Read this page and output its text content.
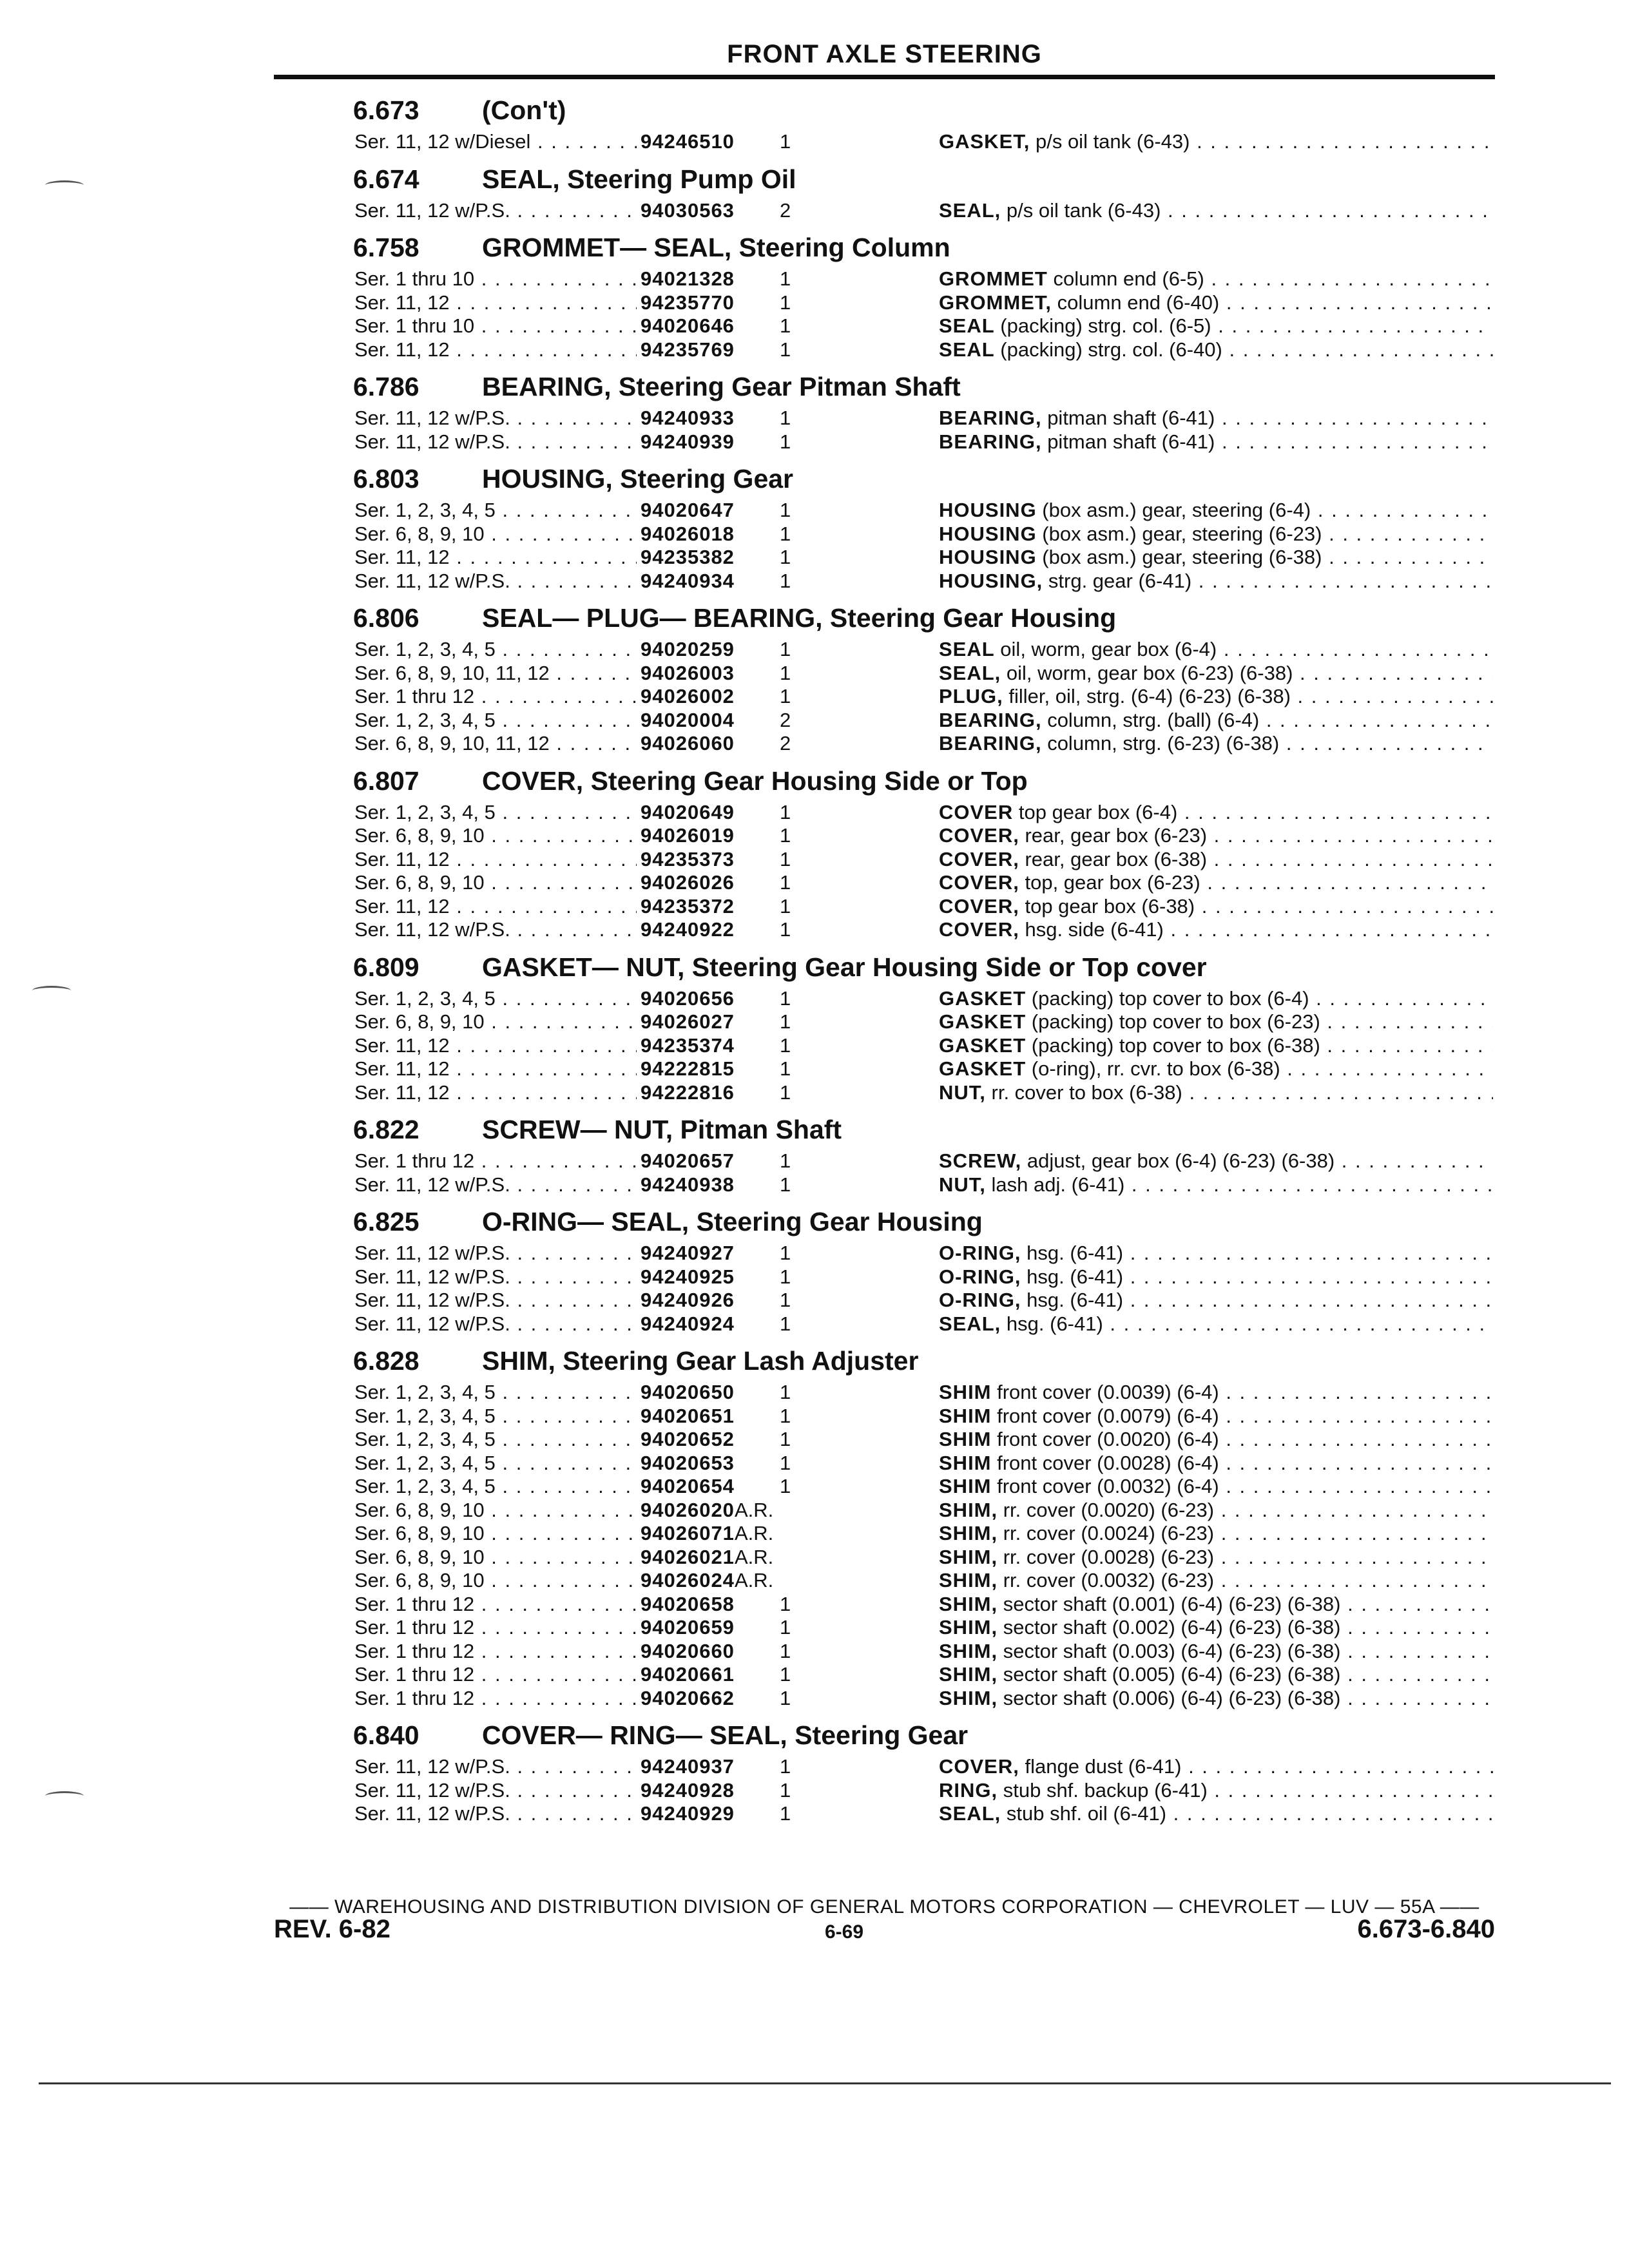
FRONT AXLE STEERING
6.673	(Con't)
Ser. 11, 12 w/Diesel . . .	94246510 1	GASKET, p/s oil tank (6-43) . . .
6.674	SEAL, Steering Pump Oil
Ser. 11, 12 w/P.S. . . .	94030563 2	SEAL, p/s oil tank (6-43) . . .
6.758	GROMMET— SEAL, Steering Column
Ser. 1 thru 10 . . .	94021328 1	GROMMET column end (6-5) . . .
Ser. 11, 12 . . .	94235770 1	GROMMET, column end (6-40) . . .
Ser. 1 thru 10 . . .	94020646 1	SEAL (packing) strg. col. (6-5) . . .
Ser. 11, 12 . . .	94235769 1	SEAL (packing) strg. col. (6-40) . . .
6.786	BEARING, Steering Gear Pitman Shaft
Ser. 11, 12 w/P.S. . . .	94240933 1	BEARING, pitman shaft (6-41) . . .
Ser. 11, 12 w/P.S. . . .	94240939 1	BEARING, pitman shaft (6-41) . . .
6.803	HOUSING, Steering Gear
Ser. 1, 2, 3, 4, 5 . . .	94020647 1	HOUSING (box asm.) gear, steering (6-4) . . .
Ser. 6, 8, 9, 10 . . .	94026018 1	HOUSING (box asm.) gear, steering (6-23) . . .
Ser. 11, 12 . . .	94235382 1	HOUSING (box asm.) gear, steering (6-38) . . .
Ser. 11, 12 w/P.S. . . .	94240934 1	HOUSING, strg. gear (6-41) . . .
6.806	SEAL— PLUG— BEARING, Steering Gear Housing
Ser. 1, 2, 3, 4, 5 . . .	94020259 1	SEAL oil, worm, gear box (6-4) . . .
Ser. 6, 8, 9, 10, 11, 12 . . .	94026003 1	SEAL, oil, worm, gear box (6-23) (6-38) . . .
Ser. 1 thru 12 . . .	94026002 1	PLUG, filler, oil, strg. (6-4) (6-23) (6-38) . . .
Ser. 1, 2, 3, 4, 5 . . .	94020004 2	BEARING, column, strg. (ball) (6-4) . . .
Ser. 6, 8, 9, 10, 11, 12 . . .	94026060 2	BEARING, column, strg. (6-23) (6-38) . . .
6.807	COVER, Steering Gear Housing Side or Top
Ser. 1, 2, 3, 4, 5 . . .	94020649 1	COVER top gear box (6-4) . . .
Ser. 6, 8, 9, 10 . . .	94026019 1	COVER, rear, gear box (6-23) . . .
Ser. 11, 12 . . .	94235373 1	COVER, rear, gear box (6-38) . . .
Ser. 6, 8, 9, 10 . . .	94026026 1	COVER, top, gear box (6-23) . . .
Ser. 11, 12 . . .	94235372 1	COVER, top gear box (6-38) . . .
Ser. 11, 12 w/P.S. . . .	94240922 1	COVER, hsg. side (6-41) . . .
6.809	GASKET— NUT, Steering Gear Housing Side or Top cover
Ser. 1, 2, 3, 4, 5 . . .	94020656 1	GASKET (packing) top cover to box (6-4) . . .
Ser. 6, 8, 9, 10 . . .	94026027 1	GASKET (packing) top cover to box (6-23) . . .
Ser. 11, 12 . . .	94235374 1	GASKET (packing) top cover to box (6-38) . . .
Ser. 11, 12 . . .	94222815 1	GASKET (o-ring), rr. cvr. to box (6-38) . . .
Ser. 11, 12 . . .	94222816 1	NUT, rr. cover to box (6-38) . . .
6.822	SCREW— NUT, Pitman Shaft
Ser. 1 thru 12 . . .	94020657 1	SCREW, adjust, gear box (6-4) (6-23) (6-38) . . .
Ser. 11, 12 w/P.S. . . .	94240938 1	NUT, lash adj. (6-41) . . .
6.825	O-RING— SEAL, Steering Gear Housing
Ser. 11, 12 w/P.S. . . .	94240927 1	O-RING, hsg. (6-41) . . .
Ser. 11, 12 w/P.S. . . .	94240925 1	O-RING, hsg. (6-41) . . .
Ser. 11, 12 w/P.S. . . .	94240926 1	O-RING, hsg. (6-41) . . .
Ser. 11, 12 w/P.S. . . .	94240924 1	SEAL, hsg. (6-41) . . .
6.828	SHIM, Steering Gear Lash Adjuster
Ser. 1, 2, 3, 4, 5 . . .	94020650 1	SHIM front cover (0.0039) (6-4) . . .
Ser. 1, 2, 3, 4, 5 . . .	94020651 1	SHIM front cover (0.0079) (6-4) . . .
Ser. 1, 2, 3, 4, 5 . . .	94020652 1	SHIM front cover (0.0020) (6-4) . . .
Ser. 1, 2, 3, 4, 5 . . .	94020653 1	SHIM front cover (0.0028) (6-4) . . .
Ser. 1, 2, 3, 4, 5 . . .	94020654 1	SHIM front cover (0.0032) (6-4) . . .
Ser. 6, 8, 9, 10 . . .	94026020A.R.	SHIM, rr. cover (0.0020) (6-23) . . .
Ser. 6, 8, 9, 10 . . .	94026071A.R.	SHIM, rr. cover (0.0024) (6-23) . . .
Ser. 6, 8, 9, 10 . . .	94026021A.R.	SHIM, rr. cover (0.0028) (6-23) . . .
Ser. 6, 8, 9, 10 . . .	94026024A.R.	SHIM, rr. cover (0.0032) (6-23) . . .
Ser. 1 thru 12 . . .	94020658 1	SHIM, sector shaft (0.001) (6-4) (6-23) (6-38) . . .
Ser. 1 thru 12 . . .	94020659 1	SHIM, sector shaft (0.002) (6-4) (6-23) (6-38) . . .
Ser. 1 thru 12 . . .	94020660 1	SHIM, sector shaft (0.003) (6-4) (6-23) (6-38) . . .
Ser. 1 thru 12 . . .	94020661 1	SHIM, sector shaft (0.005) (6-4) (6-23) (6-38) . . .
Ser. 1 thru 12 . . .	94020662 1	SHIM, sector shaft (0.006) (6-4) (6-23) (6-38) . . .
6.840	COVER— RING— SEAL, Steering Gear
Ser. 11, 12 w/P.S. . . .	94240937 1	COVER, flange dust (6-41) . . .
Ser. 11, 12 w/P.S. . . .	94240928 1	RING, stub shf. backup (6-41) . . .
Ser. 11, 12 w/P.S. . . .	94240929 1	SEAL, stub shf. oil (6-41) . . .
—— WAREHOUSING AND DISTRIBUTION DIVISION OF GENERAL MOTORS CORPORATION — CHEVROLET — LUV — 55A ——
REV. 6-82	6-69	6.673-6.840
